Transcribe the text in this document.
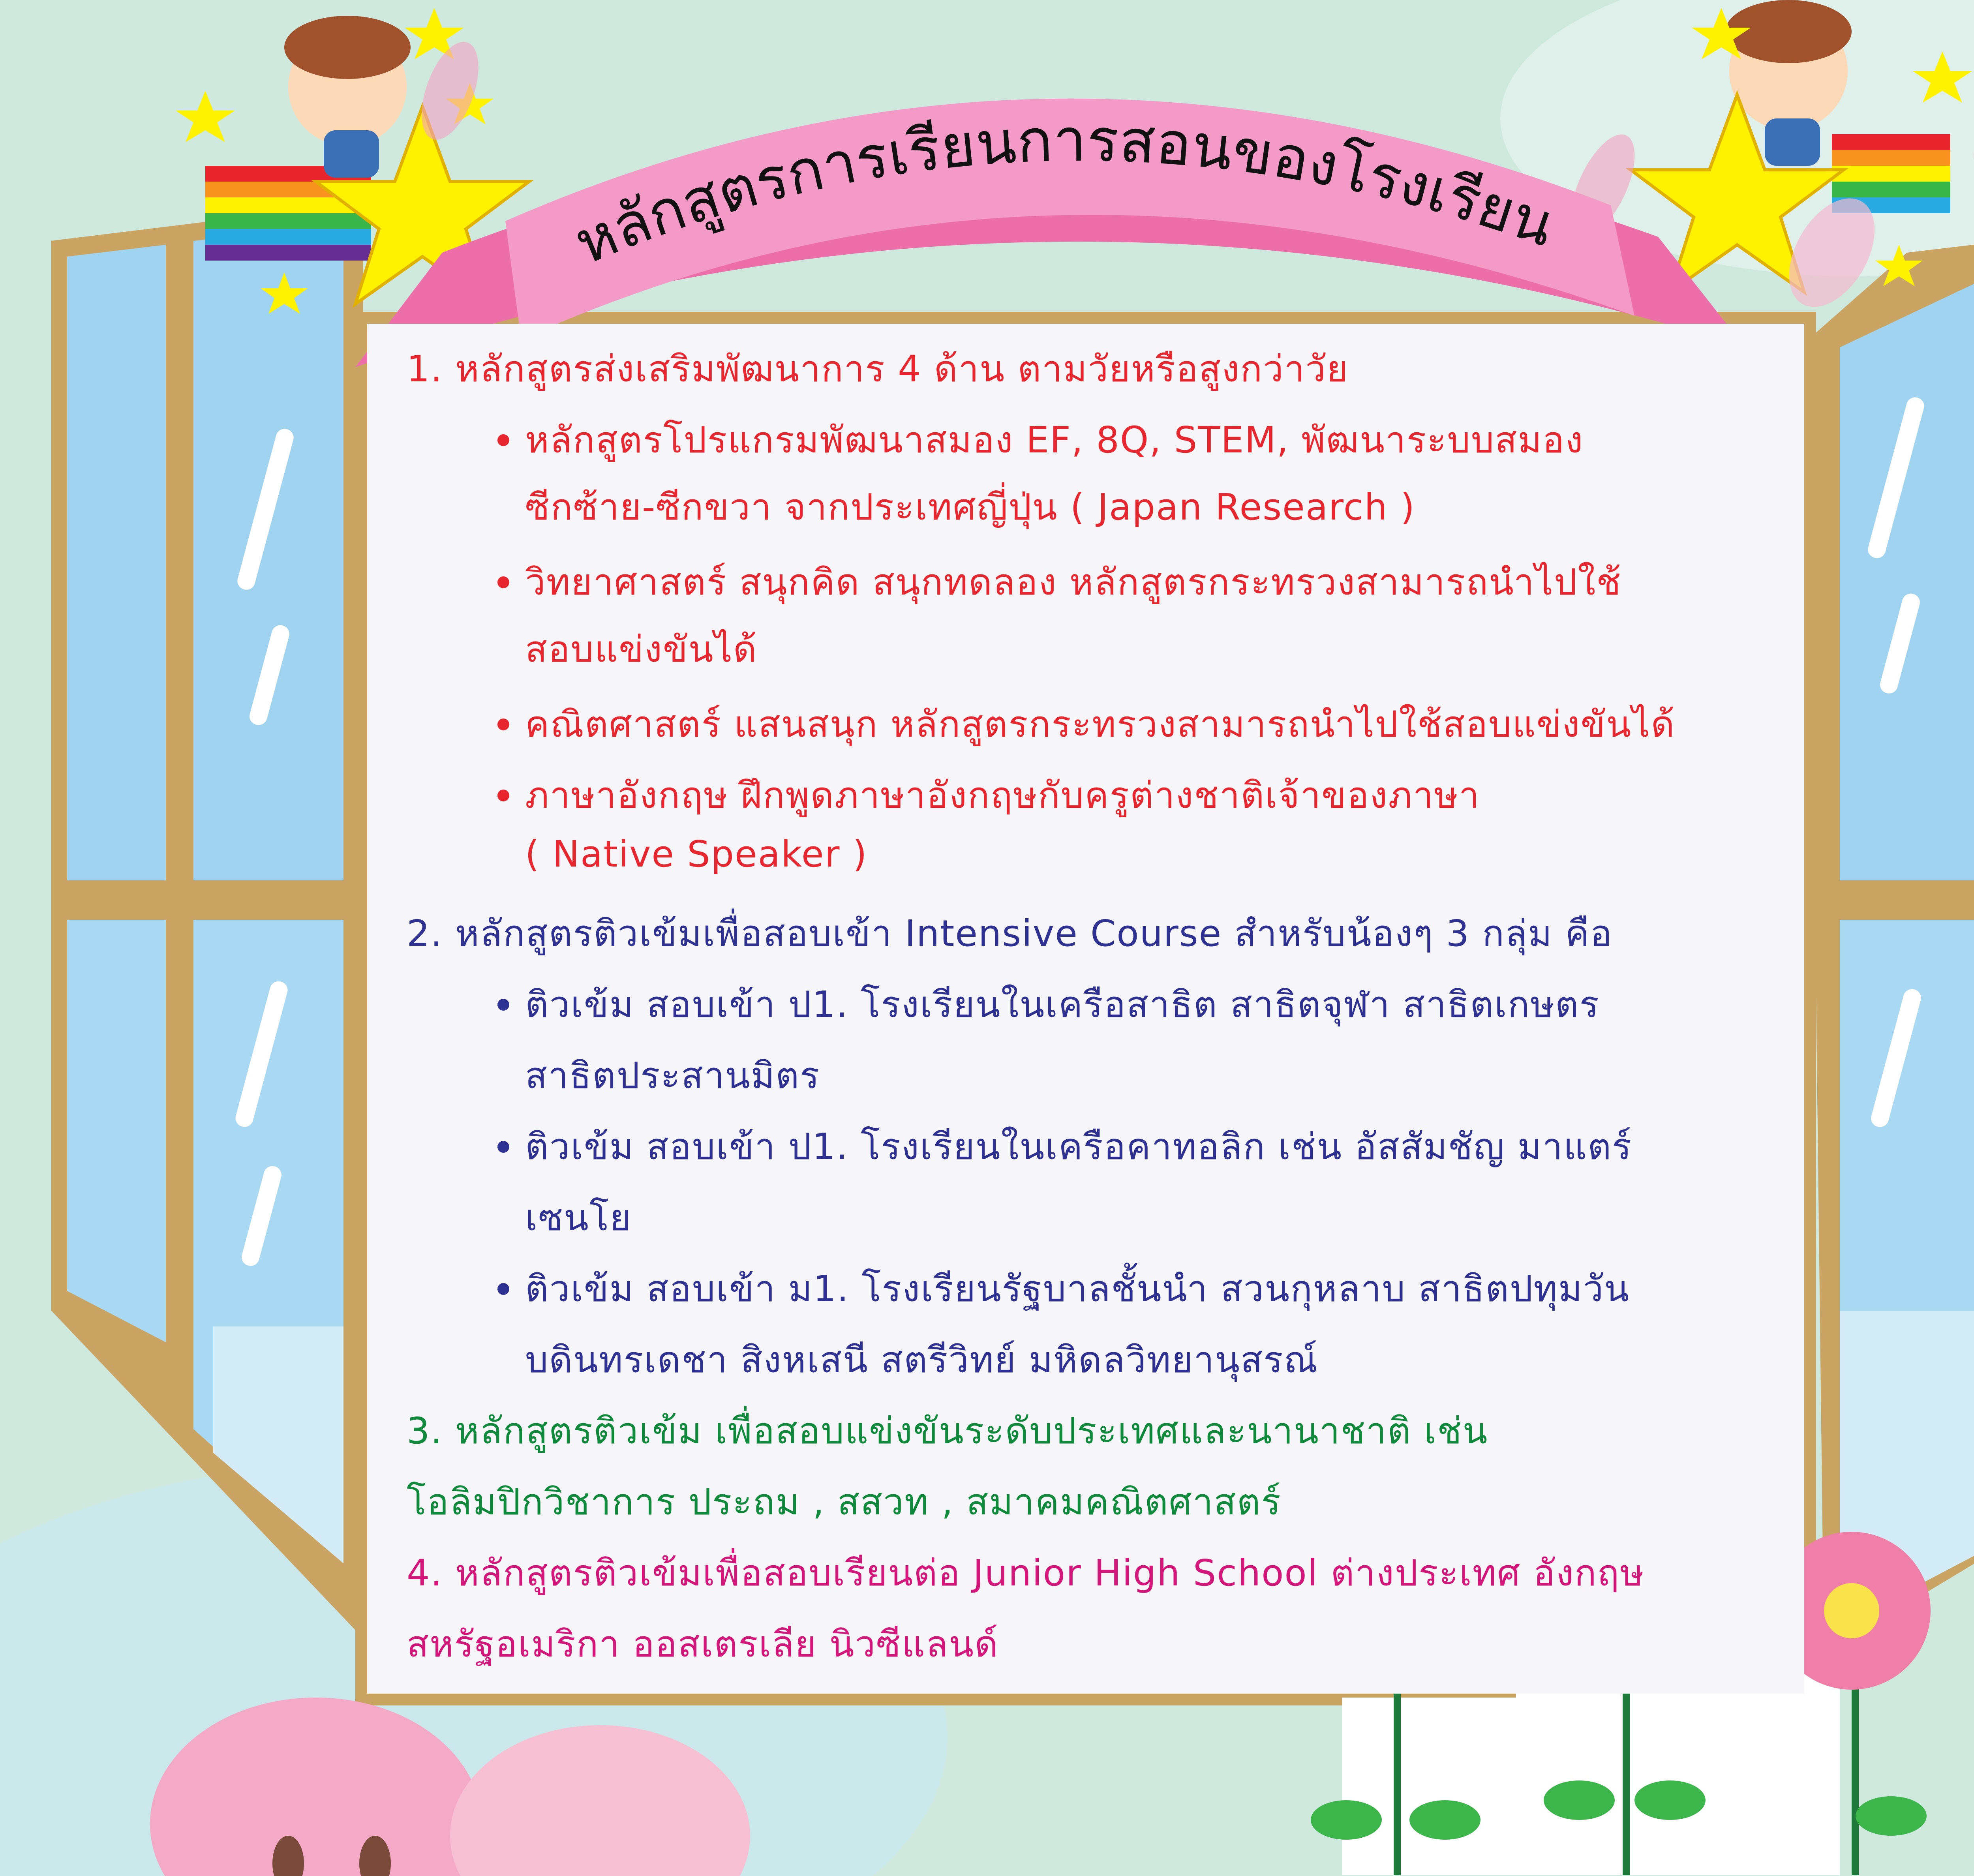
หลักสูตรการเรียนการสอนของโรงเรียน
1. หลักสูตรส่งเสริมพัฒนาการ 4 ด้าน ตามวัยหรือสูงกว่าวัย
หลักสูตรโปรแกรมพัฒนาสมอง EF, 8Q, STEM, พัฒนาระบบสมอง
ซีกซ้าย-ซีกขวา จากประเทศญี่ปุ่น ( Japan Research )
วิทยาศาสตร์ สนุกคิด สนุกทดลอง หลักสูตรกระทรวงสามารถนำไปใช้
สอบแข่งขันได้
คณิตศาสตร์ แสนสนุก หลักสูตรกระทรวงสามารถนำไปใช้สอบแข่งขันได้
ภาษาอังกฤษ ฝึกพูดภาษาอังกฤษกับครูต่างชาติเจ้าของภาษา
( Native Speaker )
2. หลักสูตรติวเข้มเพื่อสอบเข้า Intensive Course สำหรับน้องๆ 3 กลุ่ม คือ
ติวเข้ม สอบเข้า ป1. โรงเรียนในเครือสาธิต สาธิตจุฬา สาธิตเกษตร
สาธิตประสานมิตร
ติวเข้ม สอบเข้า ป1. โรงเรียนในเครือคาทอลิก เช่น อัสสัมชัญ มาแตร์
เซนโย
ติวเข้ม สอบเข้า ม1. โรงเรียนรัฐบาลชั้นนำ สวนกุหลาบ สาธิตปทุมวัน
บดินทรเดชา สิงหเสนี สตรีวิทย์ มหิดลวิทยานุสรณ์
3. หลักสูตรติวเข้ม เพื่อสอบแข่งขันระดับประเทศและนานาชาติ เช่น
โอลิมปิกวิชาการ ประถม , สสวท , สมาคมคณิตศาสตร์
4. หลักสูตรติวเข้มเพื่อสอบเรียนต่อ Junior High School ต่างประเทศ อังกฤษ
สหรัฐอเมริกา ออสเตรเลีย นิวซีแลนด์
